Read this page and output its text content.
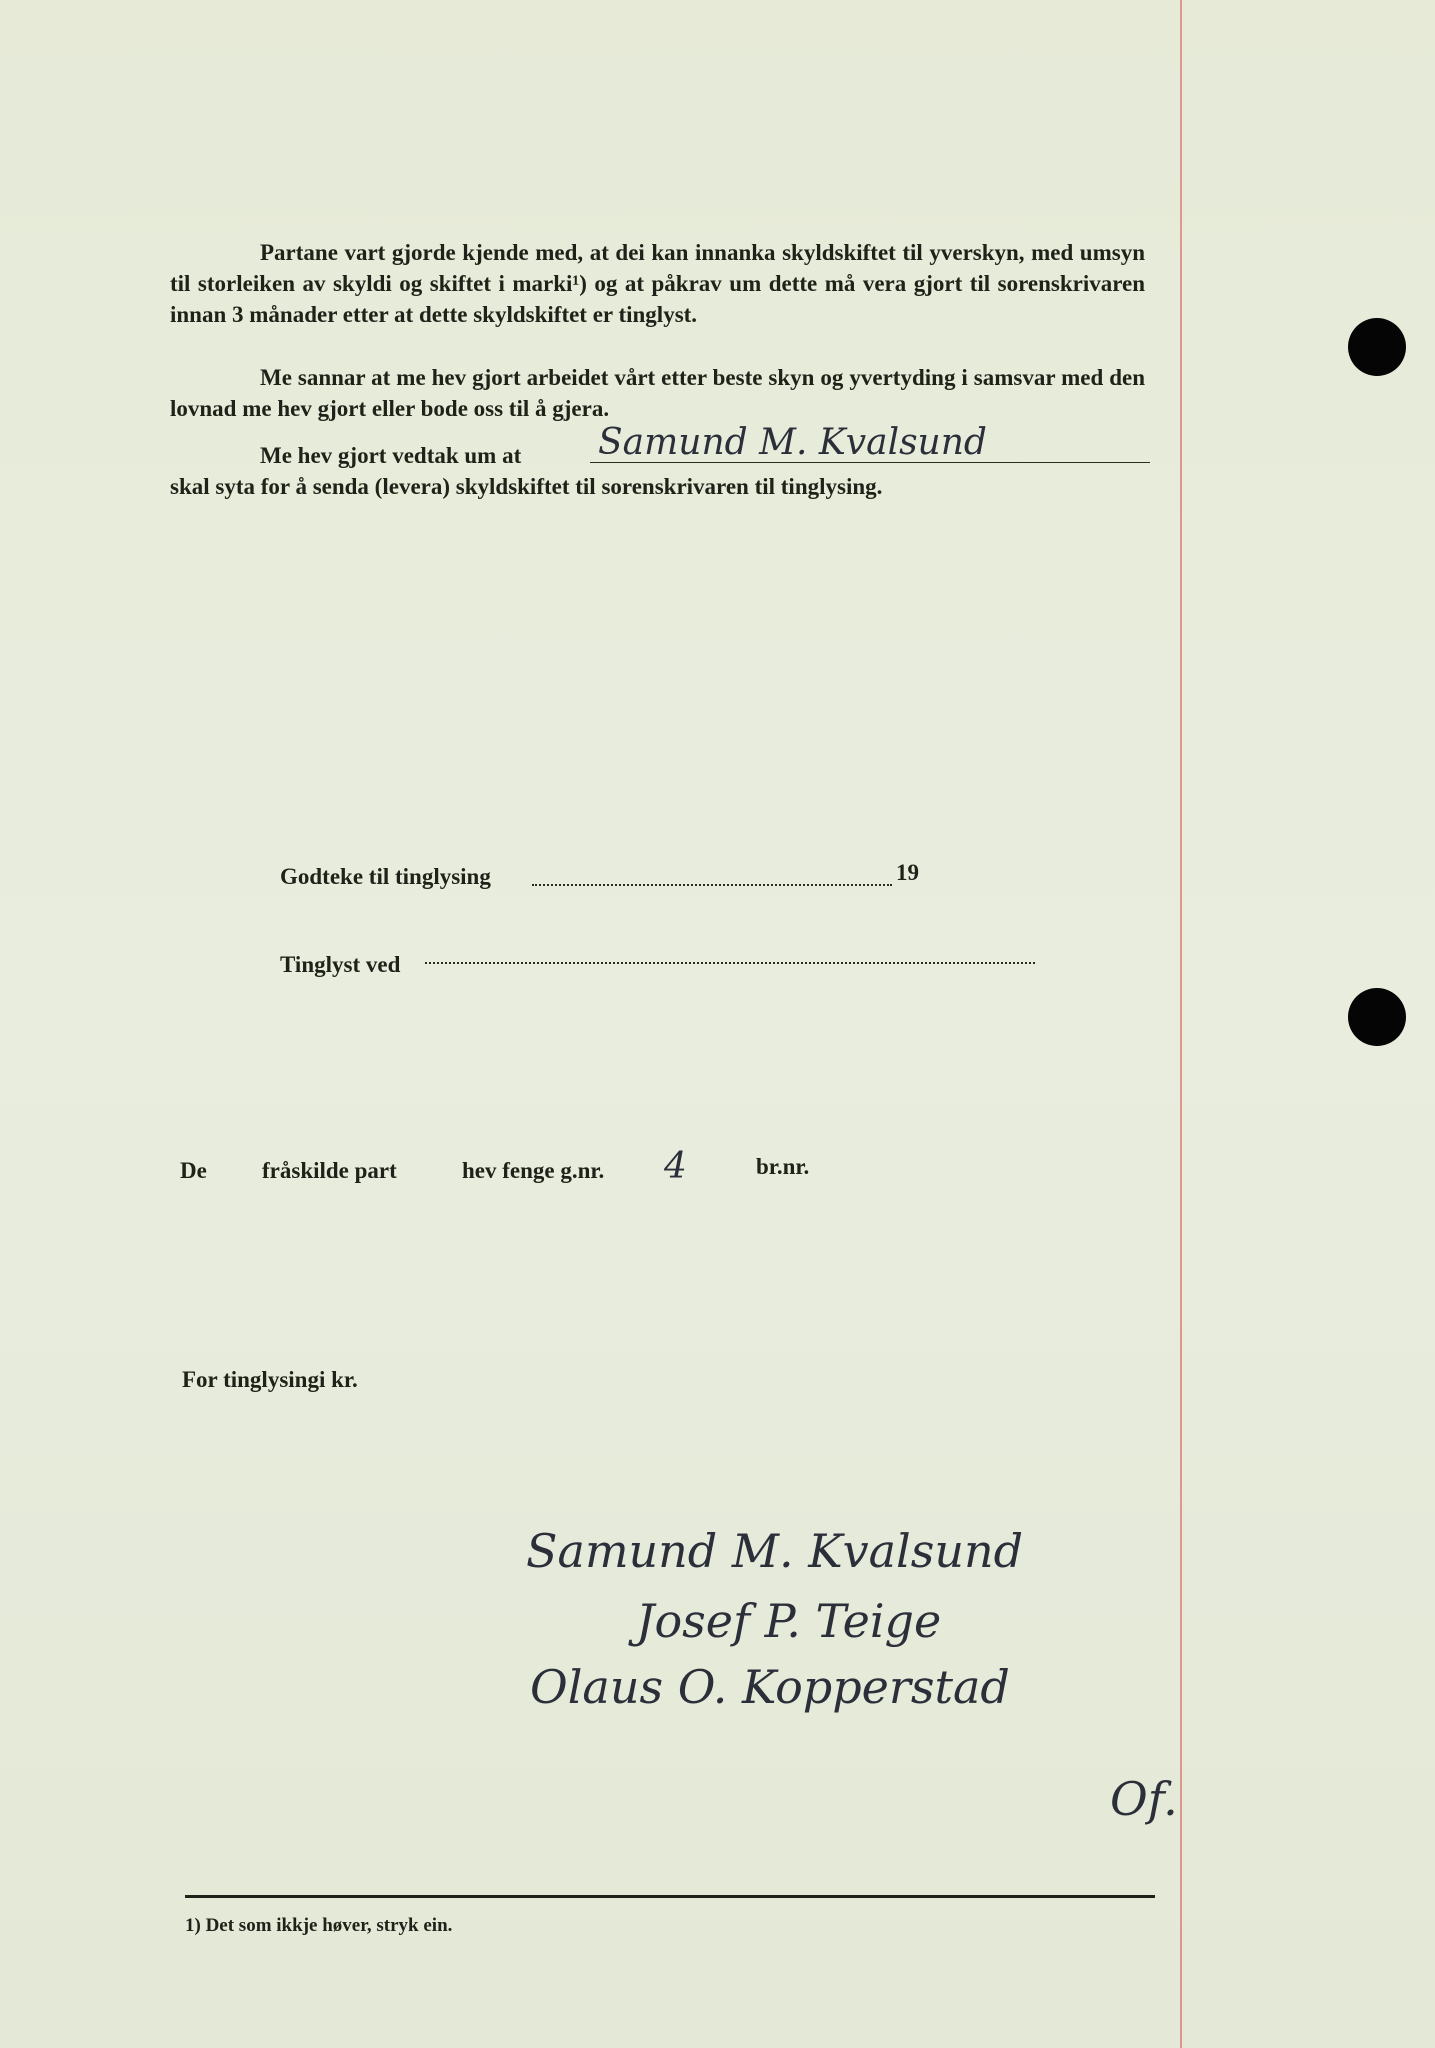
Partane vart gjorde kjende med, at dei kan innanka skyldskiftet til yverskyn, med umsyn til storleiken av skyldi og skiftet i marki¹) og at påkrav um dette må vera gjort til sorenskrivaren innan 3 månader etter at dette skyldskiftet er tinglyst.
Me sannar at me hev gjort arbeidet vårt etter beste skyn og yvertyding i samsvar med den lovnad me hev gjort eller bode oss til å gjera.
Me hev gjort vedtak um at Samund M. Kvalsund
skal syta for å senda (levera) skyldskiftet til sorenskrivaren til tinglysing.
Godteke til tinglysing	19
Tinglyst ved
De fråskilde part	hev fenge g.nr. 4	br.nr.
For tinglysingi kr.
Samund M. Kvalsund
Josef P. Teige
Olaus O. Kopperstad
Of.
1) Det som ikkje høver, stryk ein.
